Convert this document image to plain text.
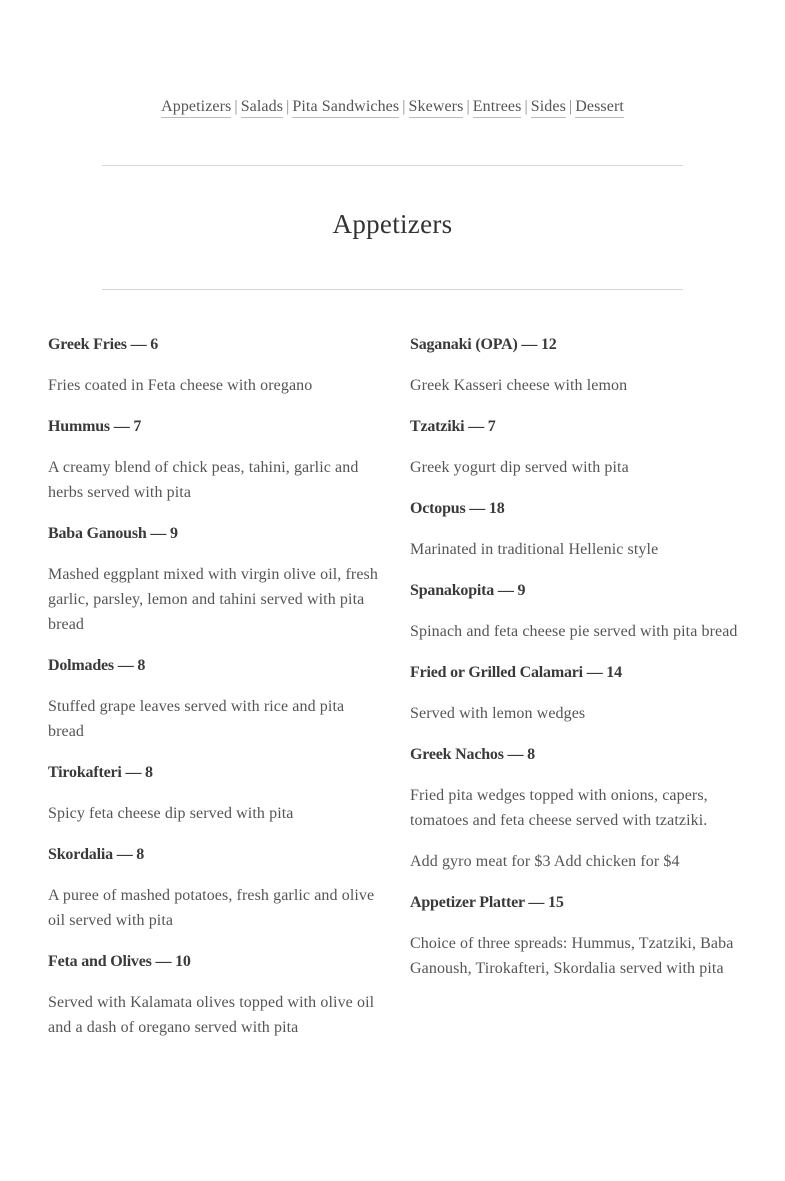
Appetizers | Salads | Pita Sandwiches | Skewers | Entrees | Sides | Dessert
Appetizers
Greek Fries — 6
Fries coated in Feta cheese with oregano
Hummus — 7
A creamy blend of chick peas, tahini, garlic and herbs served with pita
Baba Ganoush — 9
Mashed eggplant mixed with virgin olive oil, fresh garlic, parsley, lemon and tahini served with pita bread
Dolmades — 8
Stuffed grape leaves served with rice and pita bread
Tirokafteri — 8
Spicy feta cheese dip served with pita
Skordalia — 8
A puree of mashed potatoes, fresh garlic and olive oil served with pita
Feta and Olives — 10
Served with Kalamata olives topped with olive oil and a dash of oregano served with pita
Saganaki (OPA) — 12
Greek Kasseri cheese with lemon
Tzatziki — 7
Greek yogurt dip served with pita
Octopus — 18
Marinated in traditional Hellenic style
Spanakopita — 9
Spinach and feta cheese pie served with pita bread
Fried or Grilled Calamari — 14
Served with lemon wedges
Greek Nachos — 8
Fried pita wedges topped with onions, capers, tomatoes and feta cheese served with tzatziki.
Add gyro meat for $3 Add chicken for $4
Appetizer Platter — 15
Choice of three spreads: Hummus, Tzatziki, Baba Ganoush, Tirokafteri, Skordalia served with pita
